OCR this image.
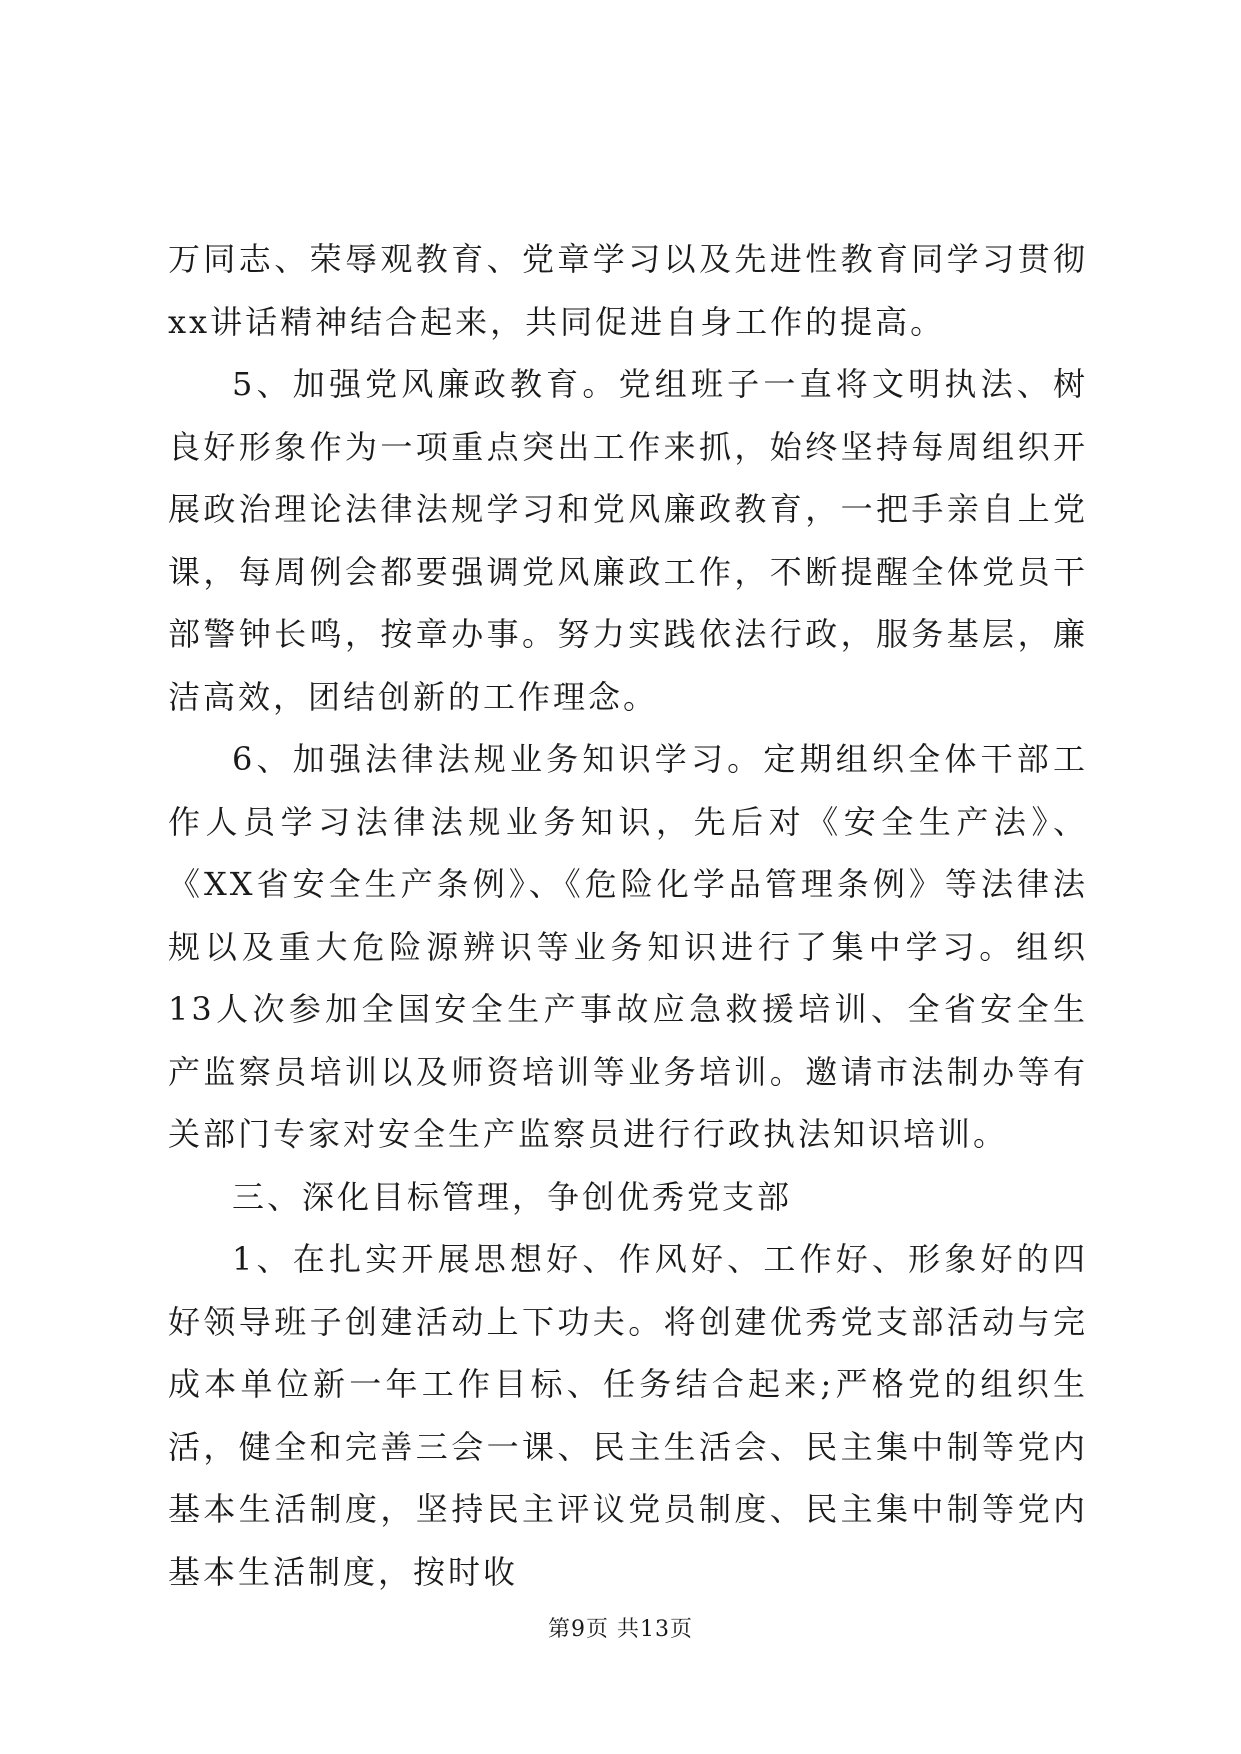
万同志、荣辱观教育、党章学习以及先进性教育同学习贯彻xx讲话精神结合起来，共同促进自身工作的提高。

5、加强党风廉政教育。党组班子一直将文明执法、树良好形象作为一项重点突出工作来抓，始终坚持每周组织开展政治理论法律法规学习和党风廉政教育，一把手亲自上党课，每周例会都要强调党风廉政工作，不断提醒全体党员干部警钟长鸣，按章办事。努力实践依法行政，服务基层，廉洁高效，团结创新的工作理念。

6、加强法律法规业务知识学习。定期组织全体干部工作人员学习法律法规业务知识，先后对《安全生产法》、《XX省安全生产条例》、《危险化学品管理条例》等法律法规以及重大危险源辨识等业务知识进行了集中学习。组织13人次参加全国安全生产事故应急救援培训、全省安全生产监察员培训以及师资培训等业务培训。邀请市法制办等有关部门专家对安全生产监察员进行行政执法知识培训。

三、深化目标管理，争创优秀党支部

1、在扎实开展思想好、作风好、工作好、形象好的四好领导班子创建活动上下功夫。将创建优秀党支部活动与完成本单位新一年工作目标、任务结合起来;严格党的组织生活，健全和完善三会一课、民主生活会、民主集中制等党内基本生活制度，坚持民主评议党员制度、民主集中制等党内基本生活制度，按时收

第9页 共13页
